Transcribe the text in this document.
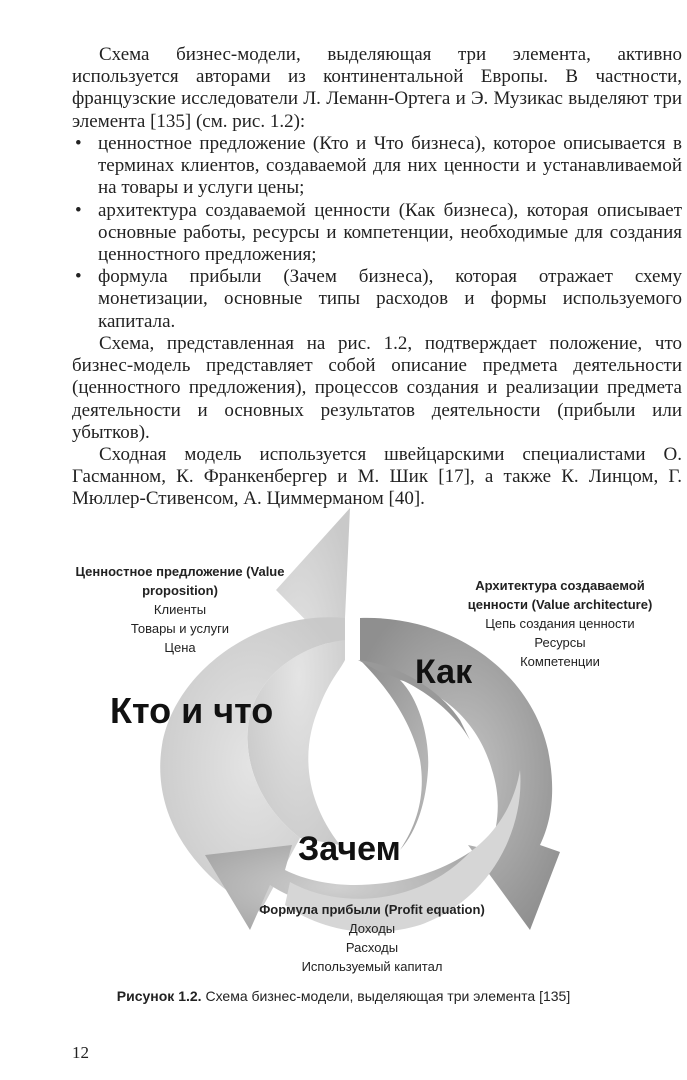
Схема бизнес-модели, выделяющая три элемента, активно используется авторами из континентальной Европы. В частности, французские исследователи Л. Леманн-Ортега и Э. Музикас выделяют три элемента [135] (см. рис. 1.2):

• ценностное предложение (Кто и Что бизнеса), которое описывается в терминах клиентов, создаваемой для них ценности и устанавливаемой на товары и услуги цены;
• архитектура создаваемой ценности (Как бизнеса), которая описывает основные работы, ресурсы и компетенции, необходимые для создания ценностного предложения;
• формула прибыли (Зачем бизнеса), которая отражает схему монетизации, основные типы расходов и формы используемого капитала.

Схема, представленная на рис. 1.2, подтверждает положение, что бизнес-модель представляет собой описание предмета деятельности (ценностного предложения), процессов создания и реализации предмета деятельности и основных результатов деятельности (прибыли или убытков).

Сходная модель используется швейцарскими специалистами О. Гасманном, К. Франкенбергер и М. Шик [17], а также К. Линцом, Г. Мюллер-Стивенсом, А. Циммерманом [40].

Ценностное предложение (Value proposition)
Клиенты
Товары и услуги
Цена
Архитектура создаваемой ценности (Value architecture)
Цепь создания ценности
Ресурсы
Компетенции
Кто и что
Как
Зачем
Формула прибыли (Profit equation)
Доходы
Расходы
Используемый капитал
Рисунок 1.2. Схема бизнес-модели, выделяющая три элемента [135]
12
